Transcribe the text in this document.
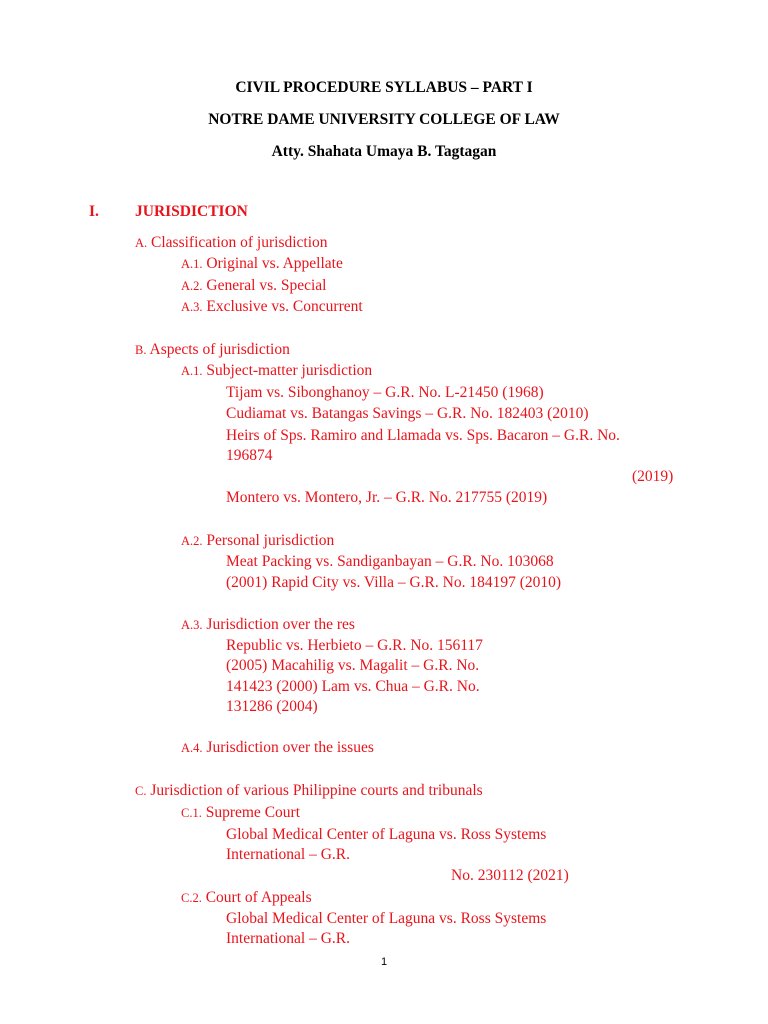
CIVIL PROCEDURE SYLLABUS – PART I
NOTRE DAME UNIVERSITY COLLEGE OF LAW
Atty. Shahata Umaya B. Tagtagan
I. JURISDICTION
A. Classification of jurisdiction
A.1. Original vs. Appellate
A.2. General vs. Special
A.3. Exclusive vs. Concurrent
B. Aspects of jurisdiction
A.1. Subject-matter jurisdiction
Tijam vs. Sibonghanoy – G.R. No. L-21450 (1968)
Cudiamat vs. Batangas Savings – G.R. No. 182403 (2010)
Heirs of Sps. Ramiro and Llamada vs. Sps. Bacaron – G.R. No.
196874
(2019)
Montero vs. Montero, Jr. – G.R. No. 217755 (2019)
A.2. Personal jurisdiction
Meat Packing vs. Sandiganbayan – G.R. No. 103068
(2001) Rapid City vs. Villa – G.R. No. 184197 (2010)
A.3. Jurisdiction over the res
Republic vs. Herbieto – G.R. No. 156117
(2005) Macahilig vs. Magalit – G.R. No.
141423 (2000) Lam vs. Chua – G.R. No.
131286 (2004)
A.4. Jurisdiction over the issues
C. Jurisdiction of various Philippine courts and tribunals
C.1. Supreme Court
Global Medical Center of Laguna vs. Ross Systems
International – G.R.
No. 230112 (2021)
C.2. Court of Appeals
Global Medical Center of Laguna vs. Ross Systems
International – G.R.
1
